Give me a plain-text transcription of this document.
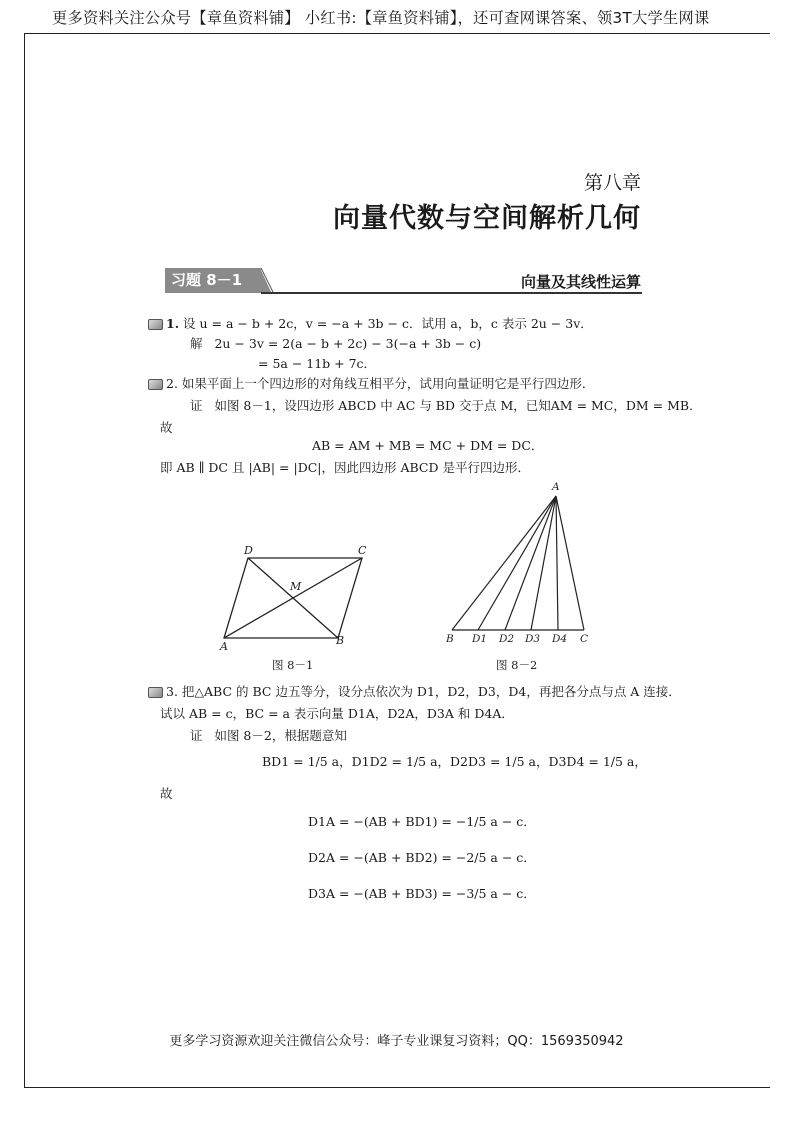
更多资料关注公众号【章鱼资料铺】 小红书:【章鱼资料铺】，还可查网课答案、领3T大学生网课
第八章
向量代数与空间解析几何
习题 8－1	向量及其线性运算
1. 设 u = a − b + 2c，v = −a + 3b − c．试用 a，b，c 表示 2u − 3v．
解 2u − 3v = 2(a − b + 2c) − 3(−a + 3b − c)
= 5a − 11b + 7c．
2. 如果平面上一个四边形的对角线互相平分，试用向量证明它是平行四边形．
证 如图 8－1，设四边形 ABCD 中 AC 与 BD 交于点 M，已知AM = MC，DM = MB．
故
AB = AM + MB = MC + DM = DC．
即 AB ∥ DC 且 |AB| = |DC|，因此四边形 ABCD 是平行四边形．
D	C
M
A	B
图 8－1
A
B D1 D2 D3 D4 C
图 8－2
3. 把△ABC 的 BC 边五等分，设分点依次为 D1，D2，D3，D4，再把各分点与点 A 连接．
试以 AB = c，BC = a 表示向量 D1A，D2A，D3A 和 D4A．
证 如图 8－2，根据题意知
BD1 = 1/5 a，D1D2 = 1/5 a，D2D3 = 1/5 a，D3D4 = 1/5 a，
故
D1A = −(AB + BD1) = −1/5 a − c．
D2A = −(AB + BD2) = −2/5 a − c．
D3A = −(AB + BD3) = −3/5 a − c．
更多学习资源欢迎关注微信公众号：峰子专业课复习资料；QQ：1569350942
